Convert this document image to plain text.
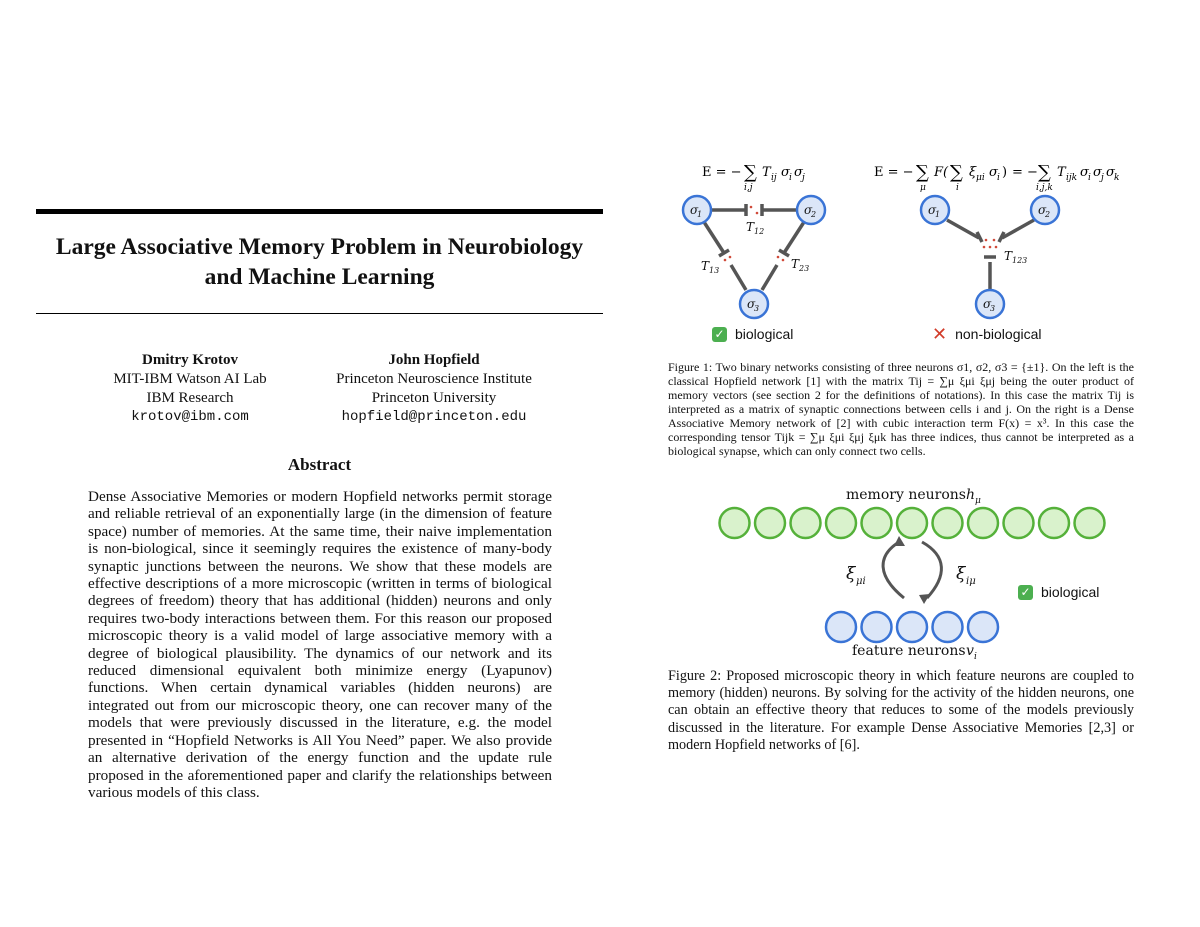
Large Associative Memory Problem in Neurobiology and Machine Learning
Dmitry Krotov
MIT-IBM Watson AI Lab
IBM Research
krotov@ibm.com
John Hopfield
Princeton Neuroscience Institute
Princeton University
hopfield@princeton.edu
Abstract

Dense Associative Memories or modern Hopfield networks permit storage and reliable retrieval of an exponentially large (in the dimension of feature space) number of memories. At the same time, their naive implementation is non-biological, since it seemingly requires the existence of many-body synaptic junctions between the neurons. We show that these models are effective descriptions of a more microscopic (written in terms of biological degrees of freedom) theory that has additional (hidden) neurons and only requires two-body interactions between them. For this reason our proposed microscopic theory is a valid model of large associative memory with a degree of biological plausibility. The dynamics of our network and its reduced dimensional equivalent both minimize energy (Lyapunov) functions. When certain dynamical variables (hidden neurons) are integrated out from our microscopic theory, one can recover many of the models that were previously discussed in the literature, e.g. the model presented in “Hopfield Networks is All You Need” paper. We also provide an alternative derivation of the energy function and the update rule proposed in the aforementioned paper and clarify the relationships between various models of this class.

E = − ∑
i,j
T ij σ i σ j	E = − ∑
μ
F( ∑
i
ξ μi σ i ) = − ∑
i,j,k
T ijk σ i σ j σ k
σ
1	σ
2
σ
3
T 12
T 13	T 23
σ
1	σ
2
σ
3
T 123
✓ biological	✕ non-biological

Figure 1: Two binary networks consisting of three neurons σ1, σ2, σ3 = {±1}. On the left is the classical Hopfield network [1] with the matrix Tij = ∑μ ξμi ξμj being the outer product of memory vectors (see section 2 for the definitions of notations). In this case the matrix Tij is interpreted as a matrix of synaptic connections between cells i and j. On the right is a Dense Associative Memory network of [2] with cubic interaction term F(x) = x³. In this case the corresponding tensor Tijk = ∑μ ξμi ξμj ξμk has three indices, thus cannot be interpreted as a biological synapse, which can only connect two cells.

memory neurons h μ
ξ μi	ξ iμ
feature neurons v i
✓ biological

Figure 2: Proposed microscopic theory in which feature neurons are coupled to memory (hidden) neurons. By solving for the activity of the hidden neurons, one can obtain an effective theory that reduces to some of the models previously discussed in the literature. For example Dense Associative Memories [2,3] or modern Hopfield networks of [6].
